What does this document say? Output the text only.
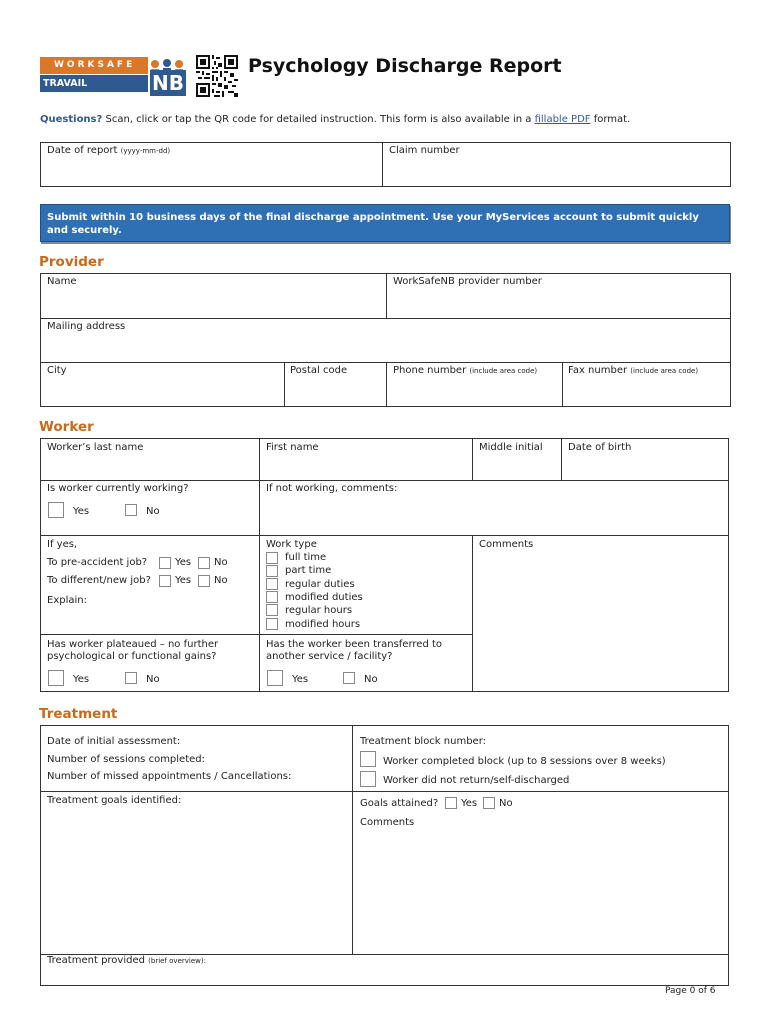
WORKSAFE
TRAVAIL SÉCURITAIRE
NB
Psychology Discharge Report
Questions? Scan, click or tap the QR code for detailed instruction. This form is also available in a fillable PDF format.
Date of report (yyyy-mm-dd)	Claim number
Submit within 10 business days of the final discharge appointment. Use your MyServices account to submit quickly and securely.
Provider
Name	WorkSafeNB provider number
Mailing address
City	Postal code	Phone number (include area code)	Fax number (include area code)
Worker
Worker’s last name	First name	Middle initial	Date of birth
Is worker currently working?
Yes	No
If not working, comments:
If yes,
To pre-accident job?	Yes No
To different/new job? Yes No
Explain:
Work type
full time
part time
regular duties
modified duties
regular hours
modified hours
Comments
Has worker plateaued – no further psychological or functional gains?
Yes	No
Has the worker been transferred to another service / facility?
Yes	No
Treatment
Date of initial assessment:
Number of sessions completed:
Number of missed appointments / Cancellations:
Treatment block number:
Worker completed block (up to 8 sessions over 8 weeks)
Worker did not return/self-discharged
Treatment goals identified:	Goals attained? Yes No
Comments
Treatment provided (brief overview):
Page 0 of 6
